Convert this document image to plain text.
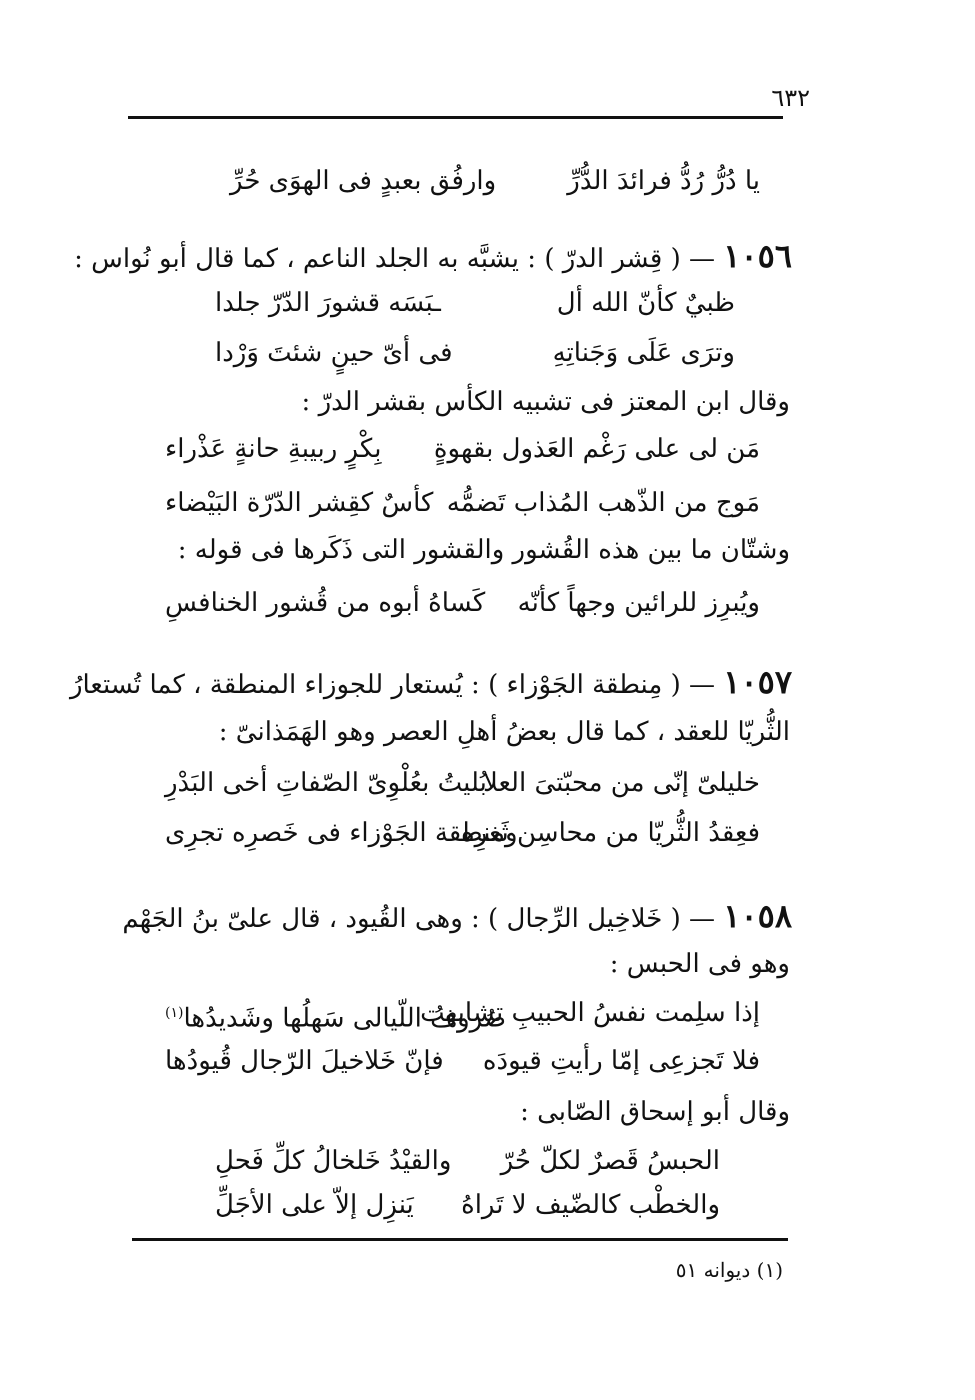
٦٣٢
يا دُرُّ رُدُّ فرائدَ الدُّرِّ
وارفُق بعبدٍ فى الهوَى حُرِّ
١٠٥٦ — ( قِشر الدرّ ) : يشبَّه به الجلد الناعم ، كما قال أبو نُواس :
ظبيٌ كأنّ الله أل
ـبَسَه قشورَ الدّرّ جلدا
وترَى عَلَى وَجَناتِهِ
فى أىّ حينٍ شئتَ وَرْدا
وقال ابن المعتز فى تشبيه الكأس بقشر الدرّ :
مَن لى على رَغْم العَذول بقهوةٍ
بِكْرٍ ربيبةِ حانةٍ عَذْراء
مَوج من الذّهب المُذاب تَضمُّه
كأسٌ كقِشر الدّرّة البَيْضاء
وشتّان ما بين هذه القُشور والقشور التى ذَكَرها فى قوله :
ويُبرِز للرائين وجهاً كأنّه
كَساهُ أبوه من قُشور الخنافسِ
١٠٥٧ — ( مِنطقة الجَوْزاء ) : يُستعار للجوزاء المنطقة ، كما تُستعارُ
الثُّريّا للعقد ، كما قال بعضُ أهلِ العصر وهو الهَمَذانىّ :
خليلىّ إنّى من محبّتىَ العلا
بُليتُ بعُلْوِىّ الصّفاتِ أخى البَدْرِ
فعِقدُ الثُّريّا من محاسِن ثَغرِه
ومنطقة الجَوْزاء فى خَصرِه تجرِى
١٠٥٨ — ( خَلاخِيل الرِّجال ) : وهى القُيود ، قال علىّ بنُ الجَهْم
وهو فى الحبس :
إذا سلِمت نفسُ الحبيبِ تشابهت
صُروفُ اللّيالى سَهلُها وشَديدُها$^{(١)}$
فلا تَجزعِى إمّا رأيتِ قيودَه
فإنّ خَلاخيلَ الرّجال قُيودُها
وقال أبو إسحاق الصّابى :
الحبسُ قَصرٌ لكلّ حُرّ
والقيْدُ خَلخالُ كلِّ فَحلِ
والخطْب كالضّيف لا تَراهُ
يَنزِل إلاّ على الأجَلِّ
(١) ديوانه ٥١
